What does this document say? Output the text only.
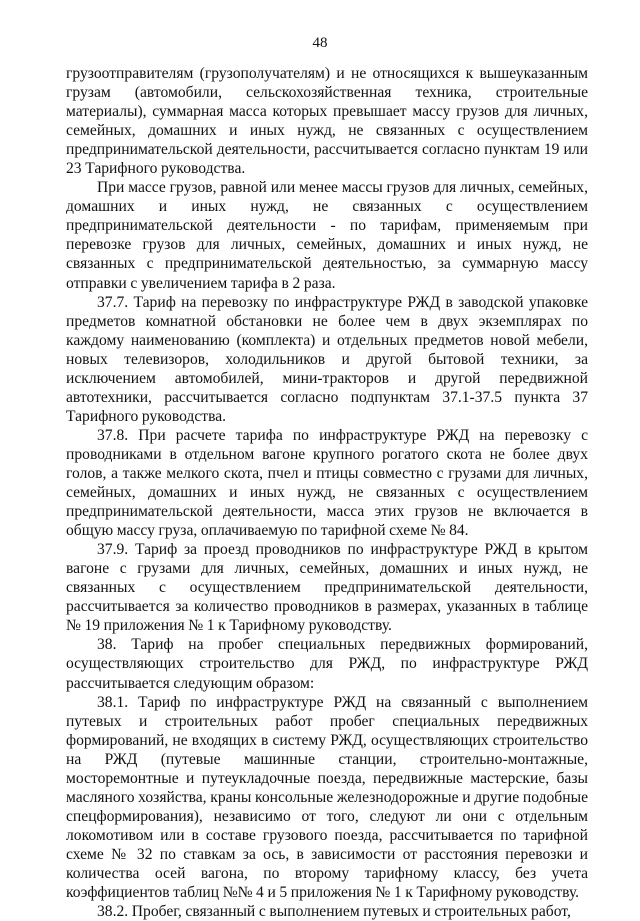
48

грузоотправителям (грузополучателям) и не относящихся к вышеуказанным грузам (автомобили, сельскохозяйственная техника, строительные материалы), суммарная масса которых превышает массу грузов для личных, семейных, домашних и иных нужд, не связанных с осуществлением предпринимательской деятельности, рассчитывается согласно пунктам 19 или 23 Тарифного руководства.

При массе грузов, равной или менее массы грузов для личных, семейных, домашних и иных нужд, не связанных с осуществлением предпринимательской деятельности - по тарифам, применяемым при перевозке грузов для личных, семейных, домашних и иных нужд, не связанных с предпринимательской деятельностью, за суммарную массу отправки с увеличением тарифа в 2 раза.

37.7. Тариф на перевозку по инфраструктуре РЖД в заводской упаковке предметов комнатной обстановки не более чем в двух экземплярах по каждому наименованию (комплекта) и отдельных предметов новой мебели, новых телевизоров, холодильников и другой бытовой техники, за исключением автомобилей, мини-тракторов и другой передвижной автотехники, рассчитывается согласно подпунктам 37.1-37.5 пункта 37 Тарифного руководства.

37.8. При расчете тарифа по инфраструктуре РЖД на перевозку с проводниками в отдельном вагоне крупного рогатого скота не более двух голов, а также мелкого скота, пчел и птицы совместно с грузами для личных, семейных, домашних и иных нужд, не связанных с осуществлением предпринимательской деятельности, масса этих грузов не включается в общую массу груза, оплачиваемую по тарифной схеме № 84.

37.9. Тариф за проезд проводников по инфраструктуре РЖД в крытом вагоне с грузами для личных, семейных, домашних и иных нужд, не связанных с осуществлением предпринимательской деятельности, рассчитывается за количество проводников в размерах, указанных в таблице № 19 приложения № 1 к Тарифному руководству.

38. Тариф на пробег специальных передвижных формирований, осуществляющих строительство для РЖД, по инфраструктуре РЖД рассчитывается следующим образом:

38.1. Тариф по инфраструктуре РЖД на связанный с выполнением путевых и строительных работ пробег специальных передвижных формирований, не входящих в систему РЖД, осуществляющих строительство на РЖД (путевые машинные станции, строительно-монтажные, мосторемонтные и путеукладочные поезда, передвижные мастерские, базы масляного хозяйства, краны консольные железнодорожные и другие подобные спецформирования), независимо от того, следуют ли они с отдельным локомотивом или в составе грузового поезда, рассчитывается по тарифной схеме № 32 по ставкам за ось, в зависимости от расстояния перевозки и количества осей вагона, по второму тарифному классу, без учета коэффициентов таблиц №№ 4 и 5 приложения № 1 к Тарифному руководству.

38.2. Пробег, связанный с выполнением путевых и строительных работ,
